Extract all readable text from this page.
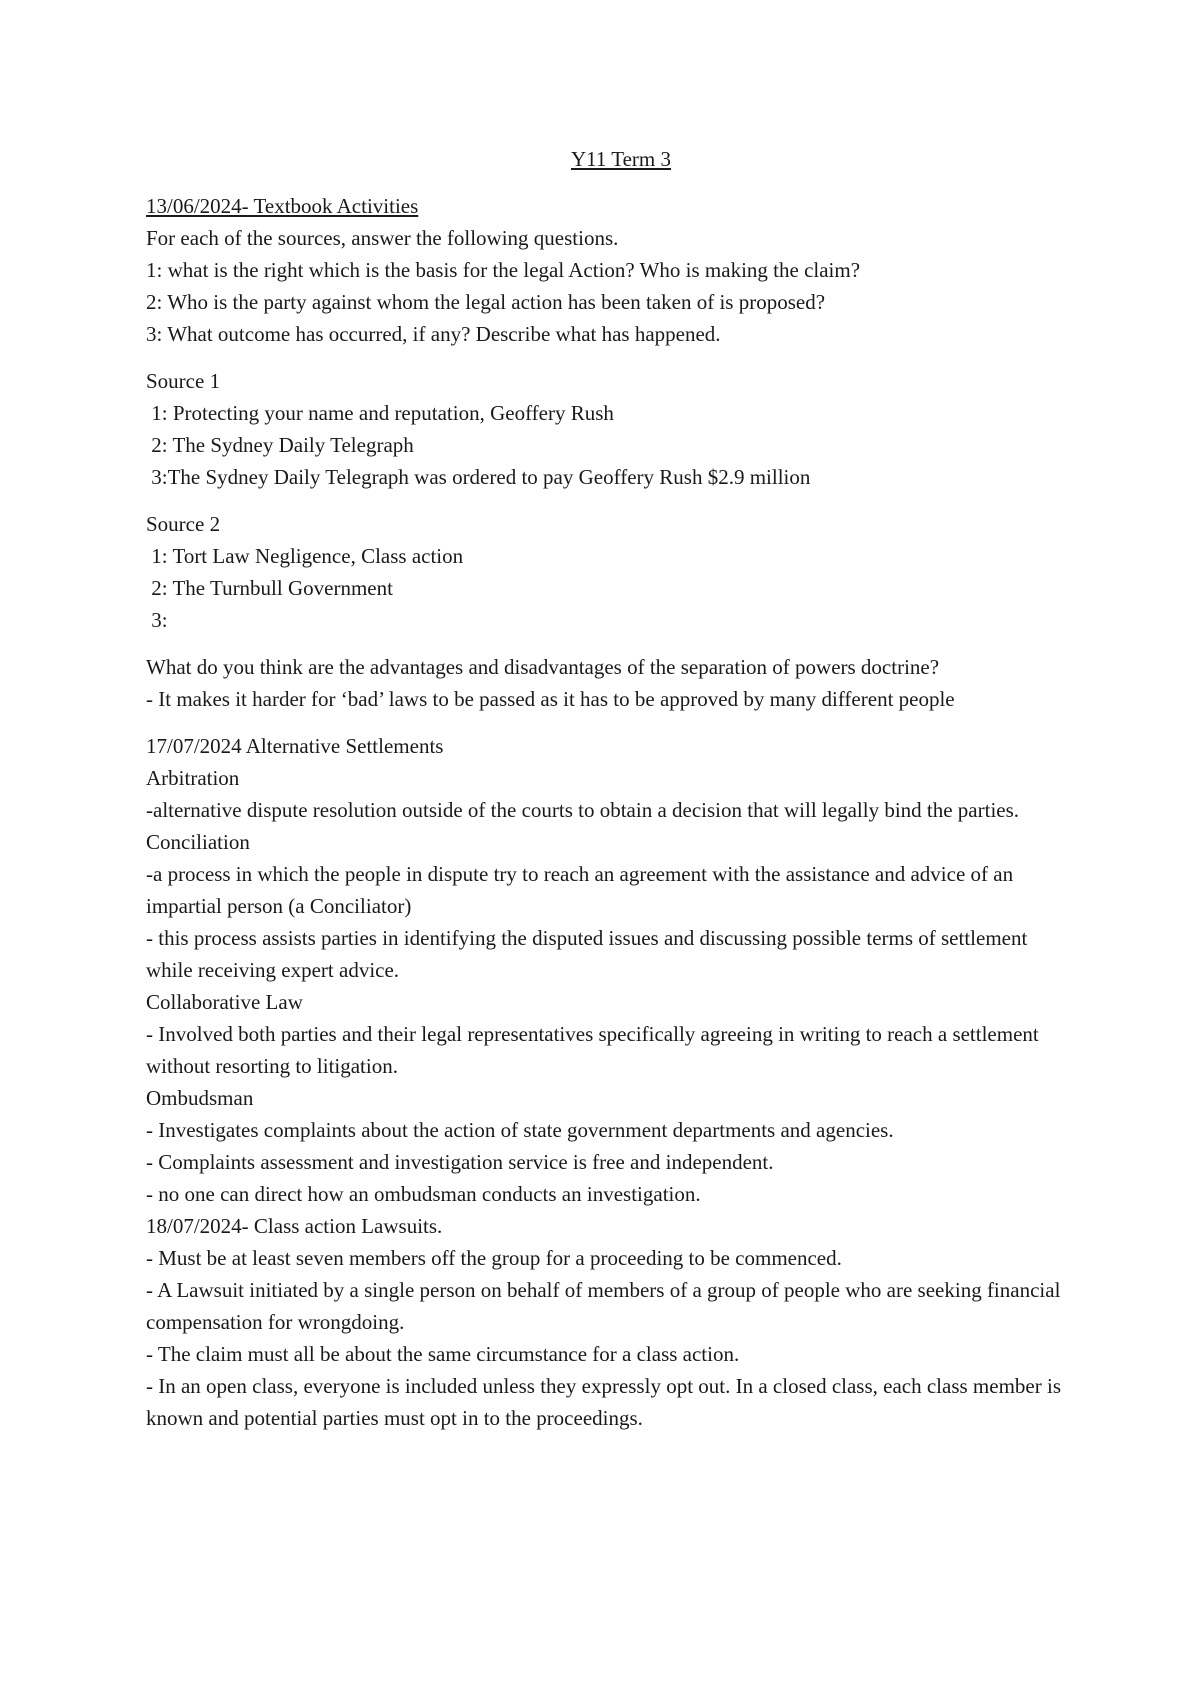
Y11 Term 3
13/06/2024- Textbook Activities
For each of the sources, answer the following questions.
1: what is the right which is the basis for the legal Action? Who is making the claim?
2: Who is the party against whom the legal action has been taken of is proposed?
3: What outcome has occurred, if any? Describe what has happened.
Source 1
1: Protecting your name and reputation, Geoffery Rush
2: The Sydney Daily Telegraph
3:The Sydney Daily Telegraph was ordered to pay Geoffery Rush $2.9 million
Source 2
1: Tort Law Negligence, Class action
2: The Turnbull Government
3:
What do you think are the advantages and disadvantages of the separation of powers doctrine?
- It makes it harder for ‘bad’ laws to be passed as it has to be approved by many different people
17/07/2024 Alternative Settlements
Arbitration
-alternative dispute resolution outside of the courts to obtain a decision that will legally bind the parties.
Conciliation
-a process in which the people in dispute try to reach an agreement with the assistance and advice of an impartial person (a Conciliator)
- this process assists parties in identifying the disputed issues and discussing possible terms of settlement while receiving expert advice.
Collaborative Law
- Involved both parties and their legal representatives specifically agreeing in writing to reach a settlement without resorting to litigation.
Ombudsman
- Investigates complaints about the action of state government departments and agencies.
- Complaints assessment and investigation service is free and independent.
- no one can direct how an ombudsman conducts an investigation.
18/07/2024- Class action Lawsuits.
- Must be at least seven members off the group for a proceeding to be commenced.
- A Lawsuit initiated by a single person on behalf of members of a group of people who are seeking financial compensation for wrongdoing.
- The claim must all be about the same circumstance for a class action.
- In an open class, everyone is included unless they expressly opt out. In a closed class, each class member is known and potential parties must opt in to the proceedings.
